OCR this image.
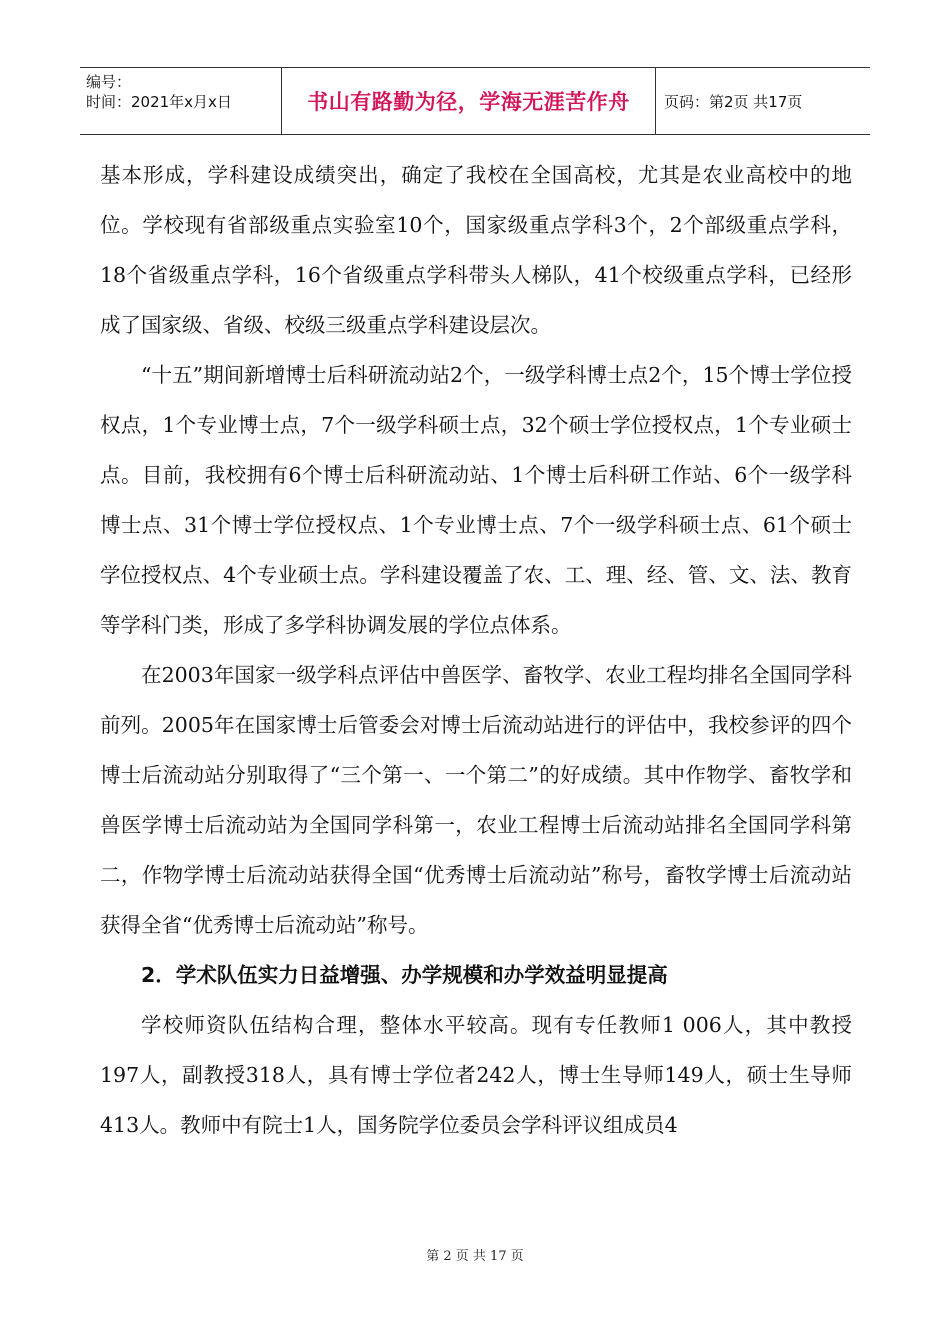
编号：
时间：2021年x月x日	书山有路勤为径，学海无涯苦作舟	页码：第2页 共17页

基本形成，学科建设成绩突出，确定了我校在全国高校，尤其是农业高校中的地位。学校现有省部级重点实验室10个，国家级重点学科3个，2个部级重点学科，18个省级重点学科，16个省级重点学科带头人梯队，41个校级重点学科，已经形成了国家级、省级、校级三级重点学科建设层次。

“十五”期间新增博士后科研流动站2个，一级学科博士点2个，15个博士学位授权点，1个专业博士点，7个一级学科硕士点，32个硕士学位授权点，1个专业硕士点。目前，我校拥有6个博士后科研流动站、1个博士后科研工作站、6个一级学科博士点、31个博士学位授权点、1个专业博士点、7个一级学科硕士点、61个硕士学位授权点、4个专业硕士点。学科建设覆盖了农、工、理、经、管、文、法、教育等学科门类，形成了多学科协调发展的学位点体系。

在2003年国家一级学科点评估中兽医学、畜牧学、农业工程均排名全国同学科前列。2005年在国家博士后管委会对博士后流动站进行的评估中，我校参评的四个博士后流动站分别取得了“三个第一、一个第二”的好成绩。其中作物学、畜牧学和兽医学博士后流动站为全国同学科第一，农业工程博士后流动站排名全国同学科第二，作物学博士后流动站获得全国“优秀博士后流动站”称号，畜牧学博士后流动站获得全省“优秀博士后流动站”称号。

2．学术队伍实力日益增强、办学规模和办学效益明显提高

学校师资队伍结构合理，整体水平较高。现有专任教师1 006人，其中教授197人，副教授318人，具有博士学位者242人，博士生导师149人，硕士生导师413人。教师中有院士1人，国务院学位委员会学科评议组成员4

第 2 页 共 17 页
